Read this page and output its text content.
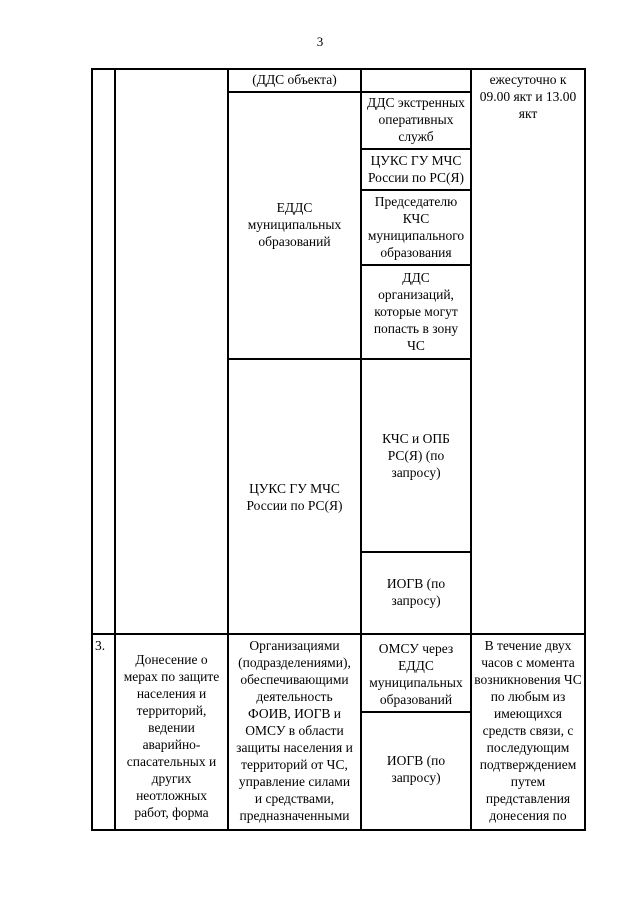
3
(ДДС объекта)	ежесуточно к
09.00 якт и 13.00
якт
ЕДДС
муниципальных
образований
ДДС экстренных
оперативных
служб
ЦУКС ГУ МЧС
России по РС(Я)
Председателю
КЧС
муниципального
образования
ДДС
организаций,
которые могут
попасть в зону
ЧС
ЦУКС ГУ МЧС
России по РС(Я)
КЧС и ОПБ
РС(Я) (по
запросу)
ИОГВ (по
запросу)
3.
Донесение о
мерах по защите
населения и
территорий,
ведении
аварийно-
спасательных и
других
неотложных
работ, форма
Организациями
(подразделениями),
обеспечивающими
деятельность
ФОИВ, ИОГВ и
ОМСУ в области
защиты населения и
территорий от ЧС,
управление силами
и средствами,
предназначенными
ОМСУ через
ЕДДС
муниципальных
образований
ИОГВ (по
запросу)
В течение двух
часов с момента
возникновения ЧС
по любым из
имеющихся
средств связи, с
последующим
подтверждением
путем
представления
донесения по
